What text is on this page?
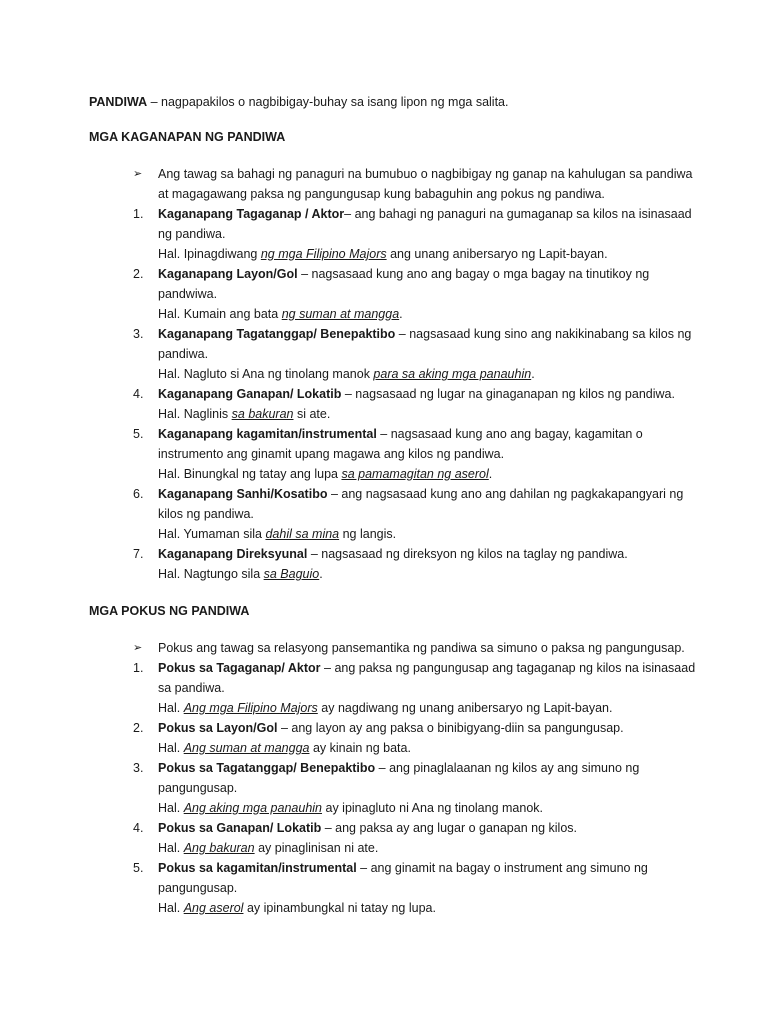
PANDIWA – nagpapakilos o nagbibigay-buhay sa isang lipon ng mga salita.

MGA KAGANAPAN NG PANDIWA

➢	Ang tawag sa bahagi ng panaguri na bumubuo o nagbibigay ng ganap na kahulugan sa pandiwa at magagawang paksa ng pangungusap kung babaguhin ang pokus ng pandiwa.
1. Kaganapang Tagaganap / Aktor– ang bahagi ng panaguri na gumaganap sa kilos na isinasaad ng pandiwa.
Hal. Ipinagdiwang ng mga Filipino Majors ang unang anibersaryo ng Lapit-bayan.
2. Kaganapang Layon/Gol – nagsasaad kung ano ang bagay o mga bagay na tinutikoy ng pandwiwa.
Hal. Kumain ang bata ng suman at mangga.
3. Kaganapang Tagatanggap/ Benepaktibo – nagsasaad kung sino ang nakikinabang sa kilos ng pandiwa.
Hal. Nagluto si Ana ng tinolang manok para sa aking mga panauhin.
4. Kaganapang Ganapan/ Lokatib – nagsasaad ng lugar na ginaganapan ng kilos ng pandiwa.
Hal. Naglinis sa bakuran si ate.
5. Kaganapang kagamitan/instrumental – nagsasaad kung ano ang bagay, kagamitan o instrumento ang ginamit upang magawa ang kilos ng pandiwa.
Hal. Binungkal ng tatay ang lupa sa pamamagitan ng aserol.
6. Kaganapang Sanhi/Kosatibo – ang nagsasaad kung ano ang dahilan ng pagkakapangyari ng kilos ng pandiwa.
Hal. Yumaman sila dahil sa mina ng langis.
7. Kaganapang Direksyunal – nagsasaad ng direksyon ng kilos na taglay ng pandiwa.
Hal. Nagtungo sila sa Baguio.

MGA POKUS NG PANDIWA

➢	Pokus ang tawag sa relasyong pansemantika ng pandiwa sa simuno o paksa ng pangungusap.
1. Pokus sa Tagaganap/ Aktor – ang paksa ng pangungusap ang tagaganap ng kilos na isinasaad sa pandiwa.
Hal. Ang mga Filipino Majors ay nagdiwang ng unang anibersaryo ng Lapit-bayan.
2. Pokus sa Layon/Gol – ang layon ay ang paksa o binibigyang-diin sa pangungusap.
Hal. Ang suman at mangga ay kinain ng bata.
3. Pokus sa Tagatanggap/ Benepaktibo – ang pinaglalaanan ng kilos ay ang simuno ng pangungusap.
Hal. Ang aking mga panauhin ay ipinagluto ni Ana ng tinolang manok.
4. Pokus sa Ganapan/ Lokatib – ang paksa ay ang lugar o ganapan ng kilos.
Hal. Ang bakuran ay pinaglinisan ni ate.
5. Pokus sa kagamitan/instrumental – ang ginamit na bagay o instrument ang simuno ng pangungusap.
Hal. Ang aserol ay ipinambungkal ni tatay ng lupa.
